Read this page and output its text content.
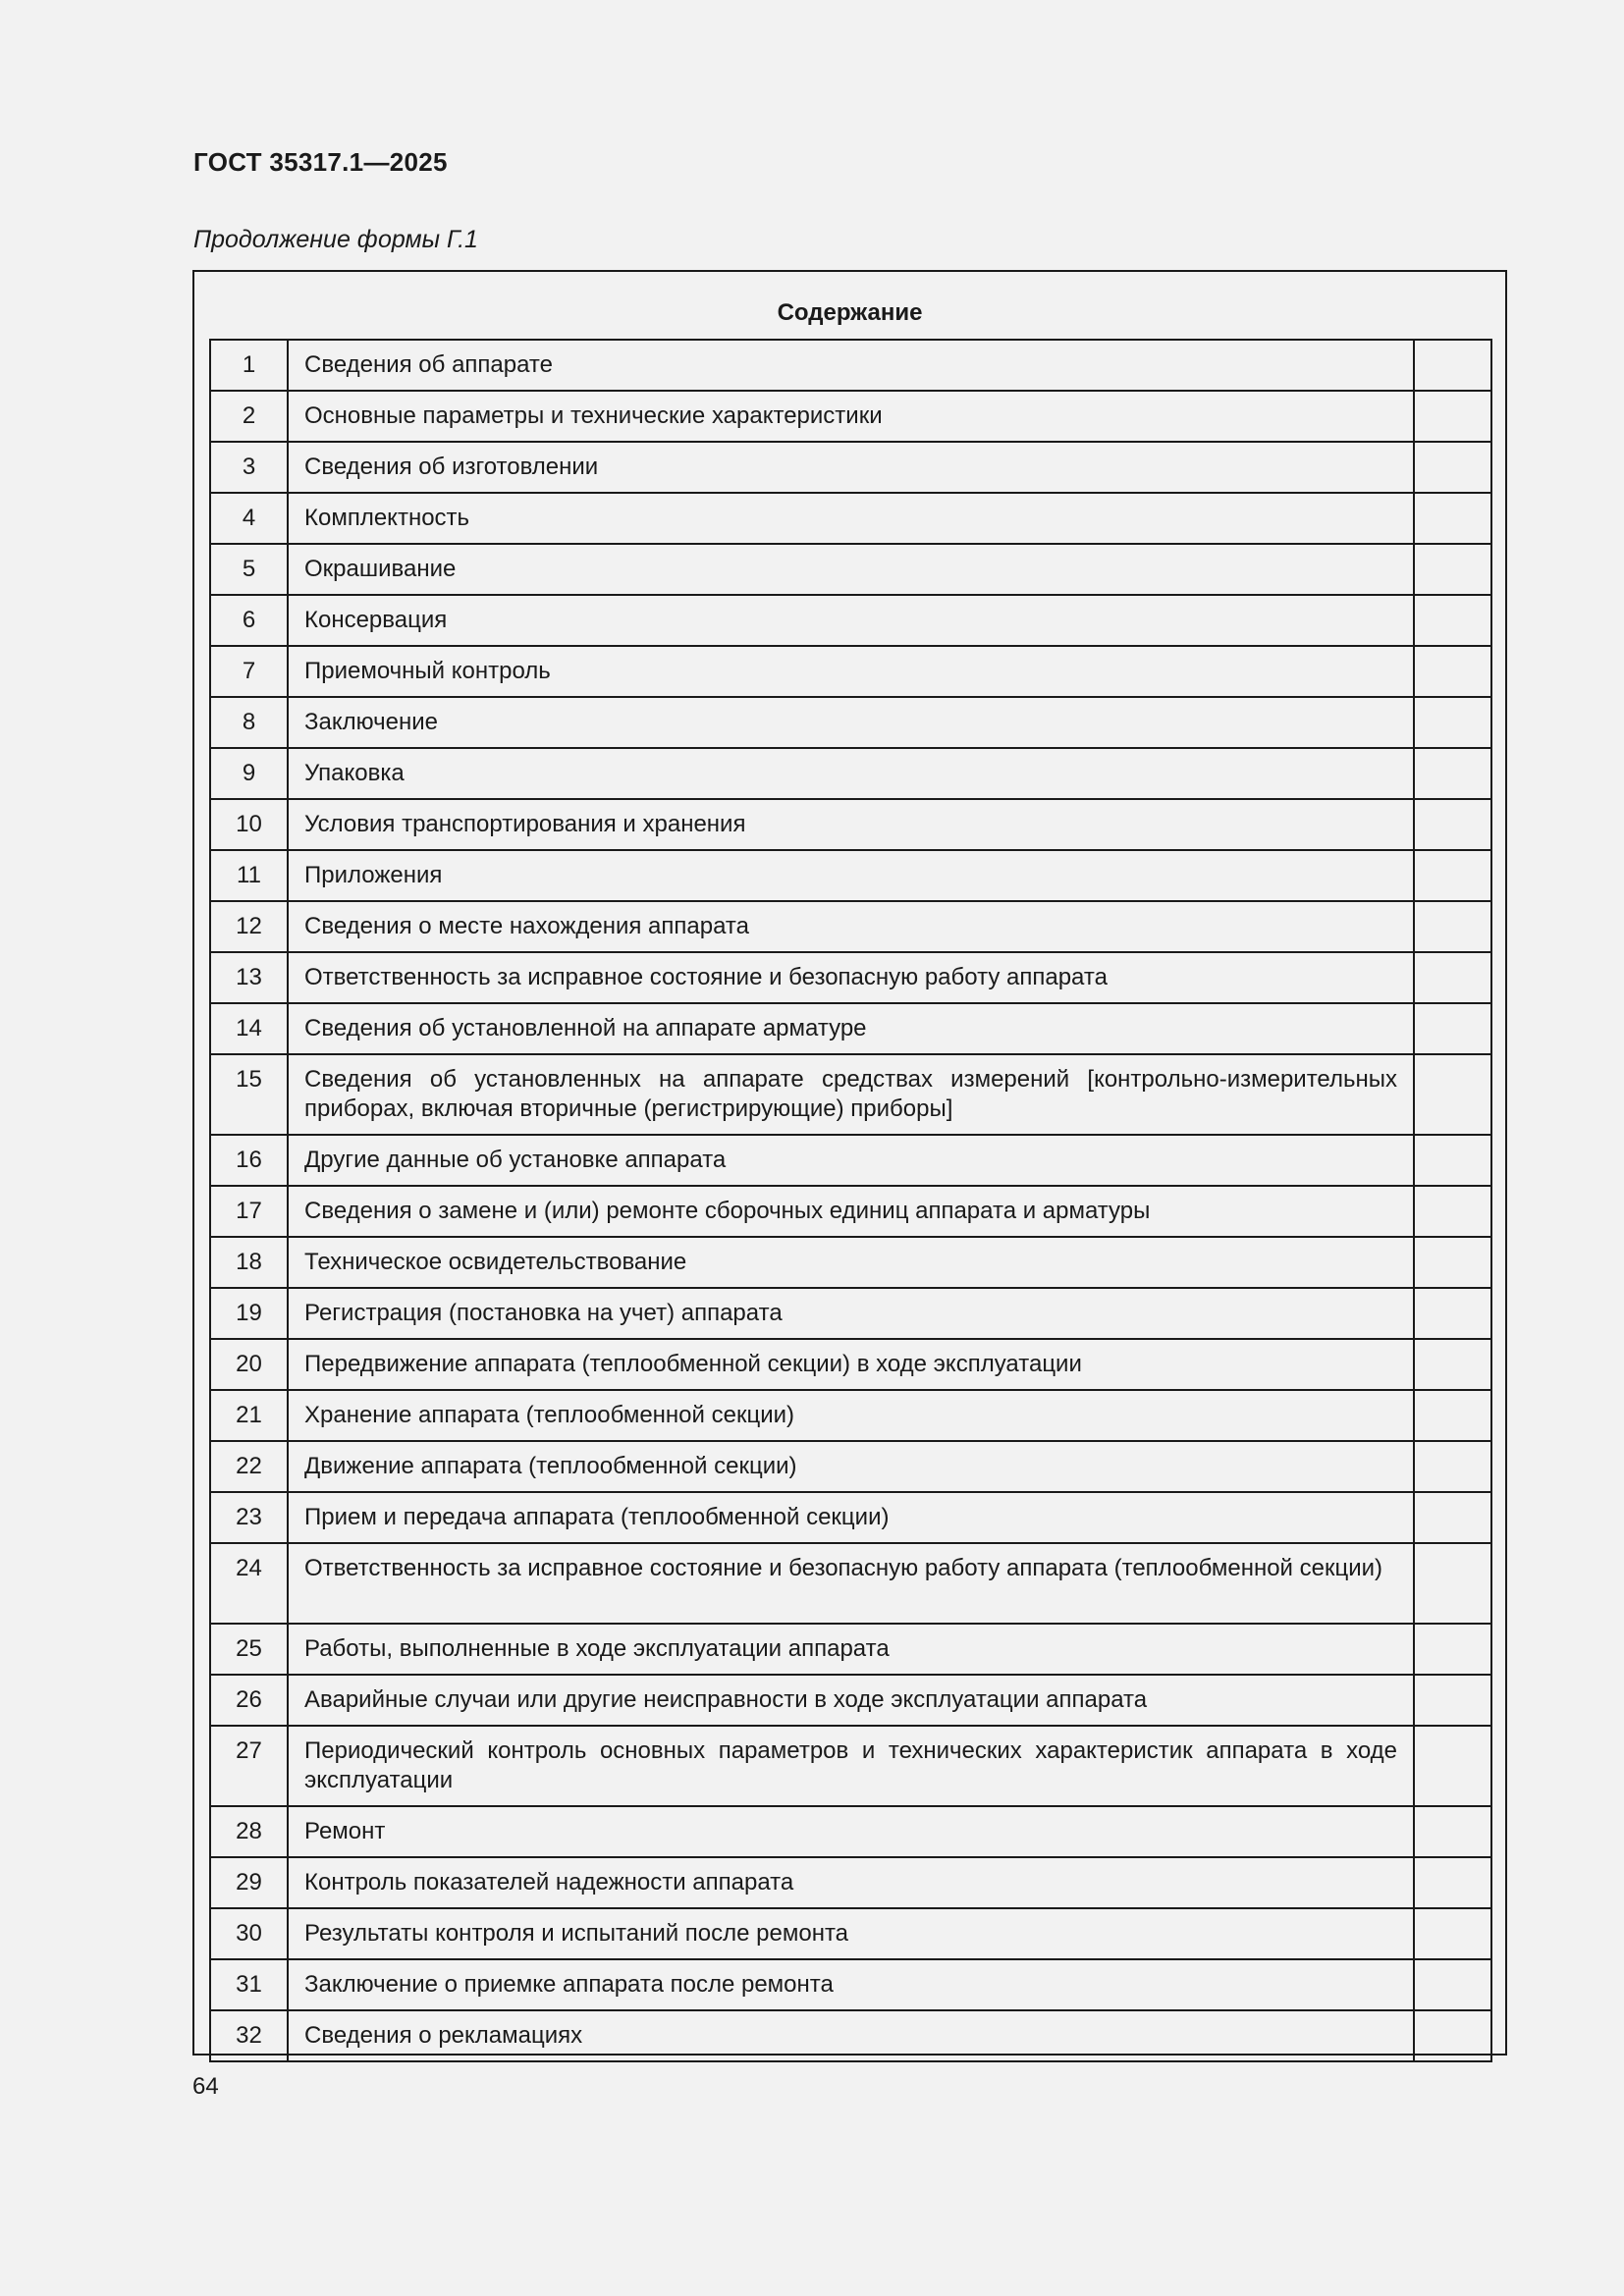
ГОСТ 35317.1—2025
Продолжение формы Г.1
Содержание
1	Сведения об аппарате	
2	Основные параметры и технические характеристики	
3	Сведения об изготовлении	
4	Комплектность	
5	Окрашивание	
6	Консервация	
7	Приемочный контроль	
8	Заключение	
9	Упаковка	
10	Условия транспортирования и хранения	
11	Приложения	
12	Сведения о месте нахождения аппарата	
13	Ответственность за исправное состояние и безопасную работу аппарата	
14	Сведения об установленной на аппарате арматуре	
15	Сведения об установленных на аппарате средствах измерений [контрольно-измерительных приборах, включая вторичные (регистрирующие) приборы]	
16	Другие данные об установке аппарата	
17	Сведения о замене и (или) ремонте сборочных единиц аппарата и арматуры	
18	Техническое освидетельствование	
19	Регистрация (постановка на учет) аппарата	
20	Передвижение аппарата (теплообменной секции) в ходе эксплуатации	
21	Хранение аппарата (теплообменной секции)	
22	Движение аппарата (теплообменной секции)	
23	Прием и передача аппарата (теплообменной секции)	
24	Ответственность за исправное состояние и безопасную работу аппарата (теплообменной секции)	
25	Работы, выполненные в ходе эксплуатации аппарата	
26	Аварийные случаи или другие неисправности в ходе эксплуатации аппарата	
27	Периодический контроль основных параметров и технических характеристик аппарата в ходе эксплуатации	
28	Ремонт	
29	Контроль показателей надежности аппарата	
30	Результаты контроля и испытаний после ремонта	
31	Заключение о приемке аппарата после ремонта	
32	Сведения о рекламациях	
64
